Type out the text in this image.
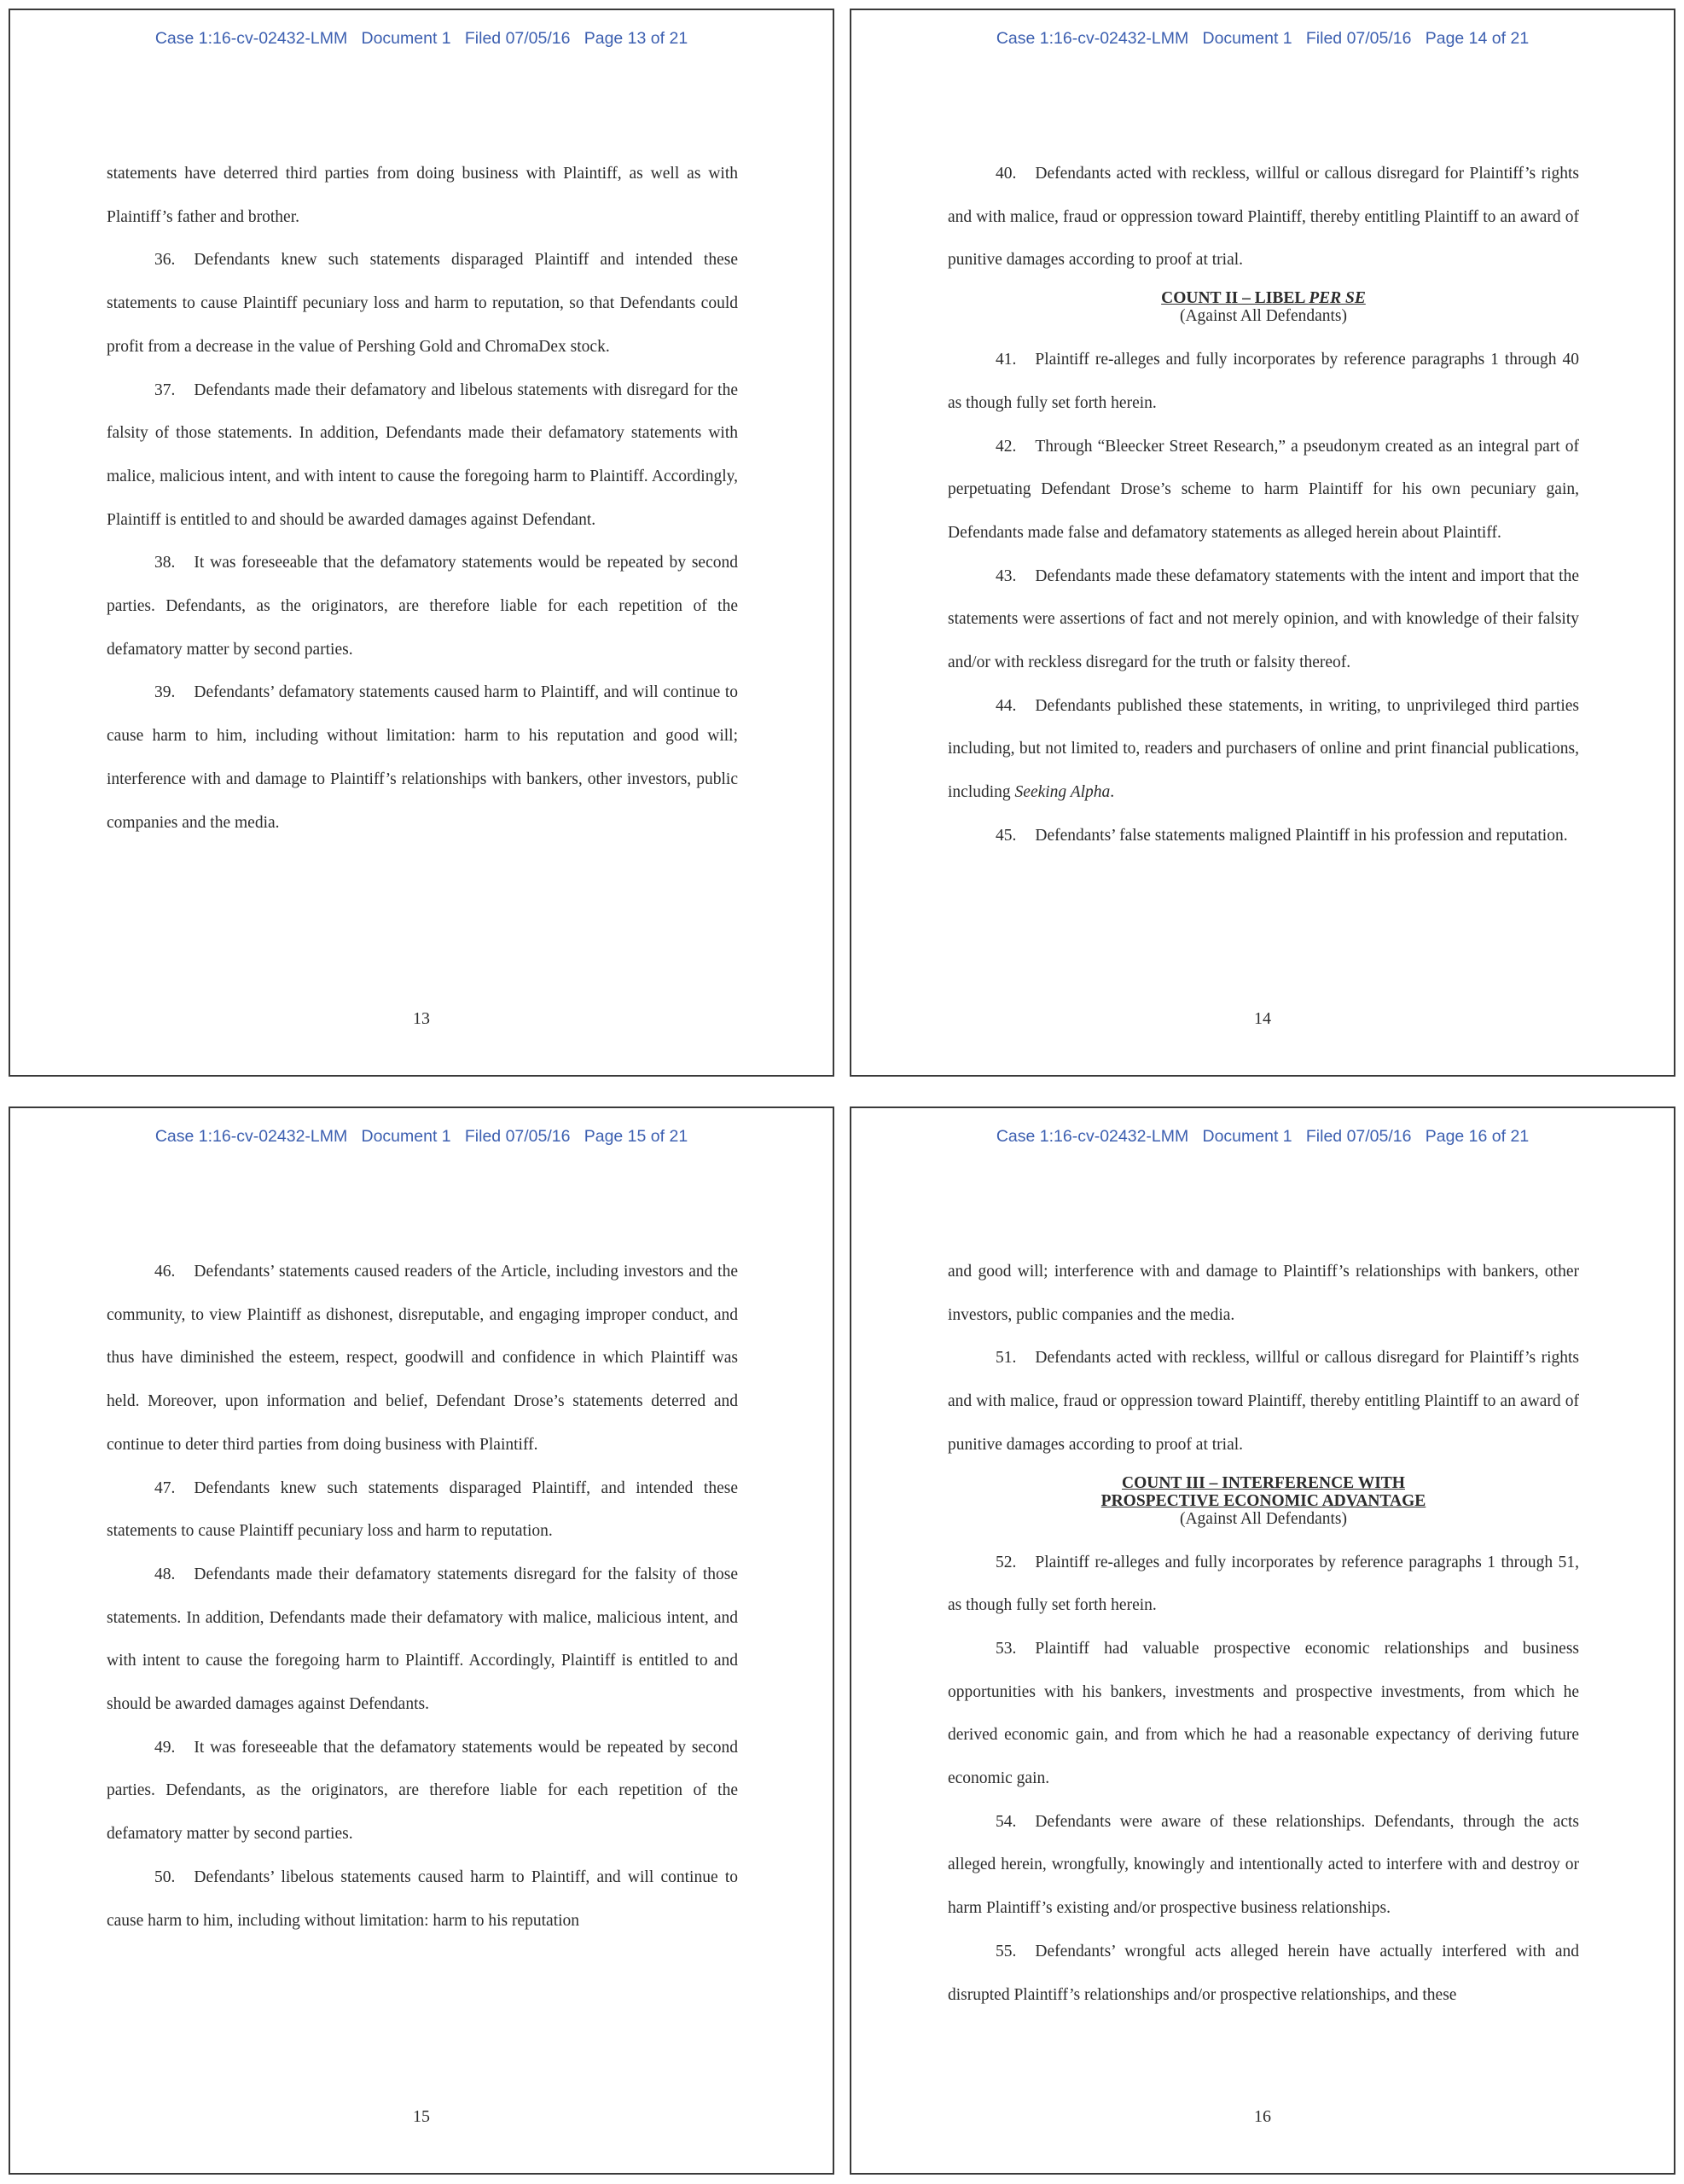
Case 1:16-cv-02432-LMM   Document 1   Filed 07/05/16   Page 13 of 21

statements have deterred third parties from doing business with Plaintiff, as well as with Plaintiff’s father and brother.

36. Defendants knew such statements disparaged Plaintiff and intended these statements to cause Plaintiff pecuniary loss and harm to reputation, so that Defendants could profit from a decrease in the value of Pershing Gold and ChromaDex stock.

37. Defendants made their defamatory and libelous statements with disregard for the falsity of those statements. In addition, Defendants made their defamatory statements with malice, malicious intent, and with intent to cause the foregoing harm to Plaintiff. Accordingly, Plaintiff is entitled to and should be awarded damages against Defendant.

38. It was foreseeable that the defamatory statements would be repeated by second parties. Defendants, as the originators, are therefore liable for each repetition of the defamatory matter by second parties.

39. Defendants’ defamatory statements caused harm to Plaintiff, and will continue to cause harm to him, including without limitation: harm to his reputation and good will; interference with and damage to Plaintiff’s relationships with bankers, other investors, public companies and the media.

13
Case 1:16-cv-02432-LMM   Document 1   Filed 07/05/16   Page 14 of 21

40. Defendants acted with reckless, willful or callous disregard for Plaintiff’s rights and with malice, fraud or oppression toward Plaintiff, thereby entitling Plaintiff to an award of punitive damages according to proof at trial.

COUNT II – LIBEL PER SE
(Against All Defendants)

41. Plaintiff re-alleges and fully incorporates by reference paragraphs 1 through 40 as though fully set forth herein.

42. Through “Bleecker Street Research,” a pseudonym created as an integral part of perpetuating Defendant Drose’s scheme to harm Plaintiff for his own pecuniary gain, Defendants made false and defamatory statements as alleged herein about Plaintiff.

43. Defendants made these defamatory statements with the intent and import that the statements were assertions of fact and not merely opinion, and with knowledge of their falsity and/or with reckless disregard for the truth or falsity thereof.

44. Defendants published these statements, in writing, to unprivileged third parties including, but not limited to, readers and purchasers of online and print financial publications, including Seeking Alpha.

45. Defendants’ false statements maligned Plaintiff in his profession and reputation.

14
Case 1:16-cv-02432-LMM   Document 1   Filed 07/05/16   Page 15 of 21

46. Defendants’ statements caused readers of the Article, including investors and the community, to view Plaintiff as dishonest, disreputable, and engaging improper conduct, and thus have diminished the esteem, respect, goodwill and confidence in which Plaintiff was held. Moreover, upon information and belief, Defendant Drose’s statements deterred and continue to deter third parties from doing business with Plaintiff.

47. Defendants knew such statements disparaged Plaintiff, and intended these statements to cause Plaintiff pecuniary loss and harm to reputation.

48. Defendants made their defamatory statements disregard for the falsity of those statements. In addition, Defendants made their defamatory with malice, malicious intent, and with intent to cause the foregoing harm to Plaintiff. Accordingly, Plaintiff is entitled to and should be awarded damages against Defendants.

49. It was foreseeable that the defamatory statements would be repeated by second parties. Defendants, as the originators, are therefore liable for each repetition of the defamatory matter by second parties.

50. Defendants’ libelous statements caused harm to Plaintiff, and will continue to cause harm to him, including without limitation: harm to his reputation

15
Case 1:16-cv-02432-LMM   Document 1   Filed 07/05/16   Page 16 of 21

and good will; interference with and damage to Plaintiff’s relationships with bankers, other investors, public companies and the media.

51. Defendants acted with reckless, willful or callous disregard for Plaintiff’s rights and with malice, fraud or oppression toward Plaintiff, thereby entitling Plaintiff to an award of punitive damages according to proof at trial.

COUNT III – INTERFERENCE WITH
PROSPECTIVE ECONOMIC ADVANTAGE
(Against All Defendants)

52. Plaintiff re-alleges and fully incorporates by reference paragraphs 1 through 51, as though fully set forth herein.

53. Plaintiff had valuable prospective economic relationships and business opportunities with his bankers, investments and prospective investments, from which he derived economic gain, and from which he had a reasonable expectancy of deriving future economic gain.

54. Defendants were aware of these relationships. Defendants, through the acts alleged herein, wrongfully, knowingly and intentionally acted to interfere with and destroy or harm Plaintiff’s existing and/or prospective business relationships.

55. Defendants’ wrongful acts alleged herein have actually interfered with and disrupted Plaintiff’s relationships and/or prospective relationships, and these

16
